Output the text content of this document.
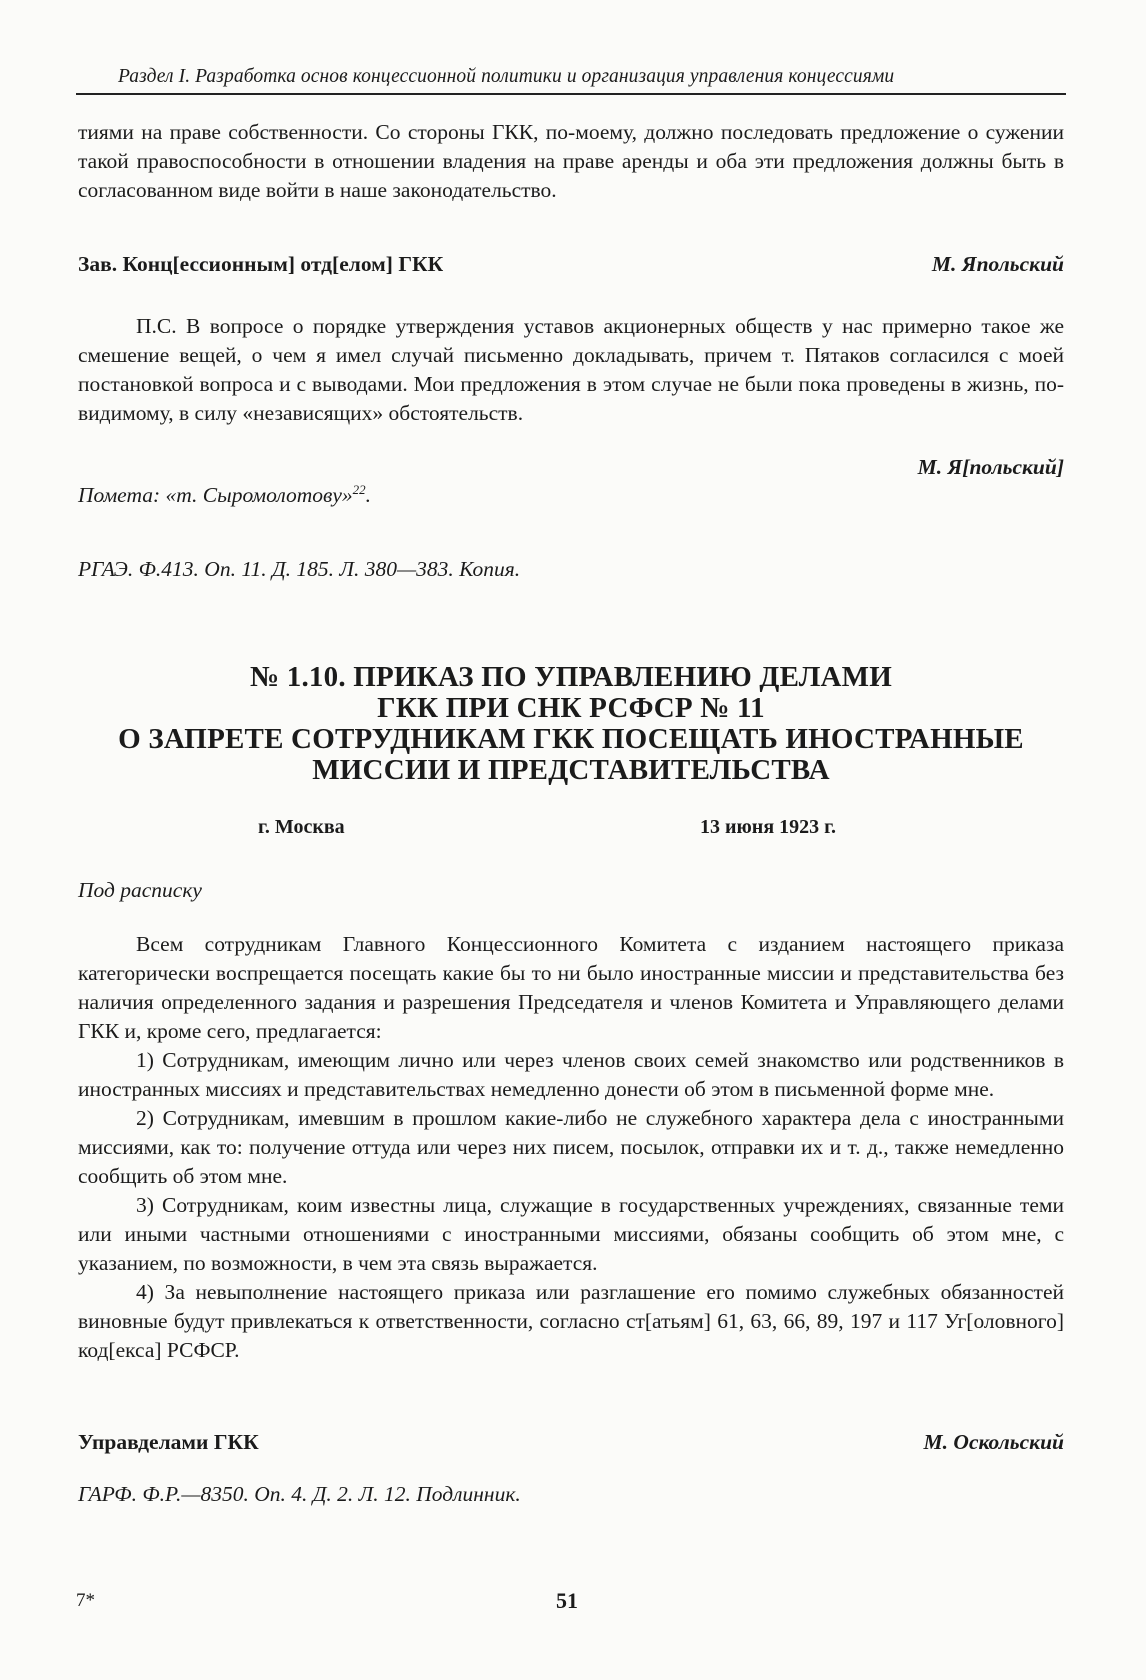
Раздел I. Разработка основ концессионной политики и организация управления концессиями

тиями на праве собственности. Со стороны ГКК, по-моему, должно последовать предложение о сужении такой правоспособности в отношении владения на праве аренды и оба эти предложения должны быть в согласованном виде войти в наше законодательство.

Зав. Конц[ессионным] отд[елом] ГКК	М. Япольский

П.С. В вопросе о порядке утверждения уставов акционерных обществ у нас примерно такое же смешение вещей, о чем я имел случай письменно докладывать, причем т. Пятаков согласился с моей постановкой вопроса и с выводами. Мои предложения в этом случае не были пока проведены в жизнь, по-видимому, в силу «независящих» обстоятельств.

М. Я[польский]
Помета: «т. Сыромолотову»$^{22}$.
РГАЭ. Ф.413. Оп. 11. Д. 185. Л. 380—383. Копия.
№ 1.10. ПРИКАЗ ПО УПРАВЛЕНИЮ ДЕЛАМИ
ГКК ПРИ СНК РСФСР № 11
О ЗАПРЕТЕ СОТРУДНИКАМ ГКК ПОСЕЩАТЬ ИНОСТРАННЫЕ
МИССИИ И ПРЕДСТАВИТЕЛЬСТВА
г. Москва	13 июня 1923 г.
Под расписку

Всем сотрудникам Главного Концессионного Комитета с изданием настоящего приказа категорически воспрещается посещать какие бы то ни было иностранные миссии и представительства без наличия определенного задания и разрешения Председателя и членов Комитета и Управляющего делами ГКК и, кроме сего, предлагается:

1) Сотрудникам, имеющим лично или через членов своих семей знакомство или родственников в иностранных миссиях и представительствах немедленно донести об этом в письменной форме мне.

2) Сотрудникам, имевшим в прошлом какие-либо не служебного характера дела с иностранными миссиями, как то: получение оттуда или через них писем, посылок, отправки их и т. д., также немедленно сообщить об этом мне.

3) Сотрудникам, коим известны лица, служащие в государственных учреждениях, связанные теми или иными частными отношениями с иностранными миссиями, обязаны сообщить об этом мне, с указанием, по возможности, в чем эта связь выражается.

4) За невыполнение настоящего приказа или разглашение его помимо служебных обязанностей виновные будут привлекаться к ответственности, согласно ст[атьям] 61, 63, 66, 89, 197 и 117 Уг[оловного] код[екса] РСФСР.

Управделами ГКК	М. Оскольский
ГАРФ. Ф.Р.—8350. Оп. 4. Д. 2. Л. 12. Подлинник.
7*	51
